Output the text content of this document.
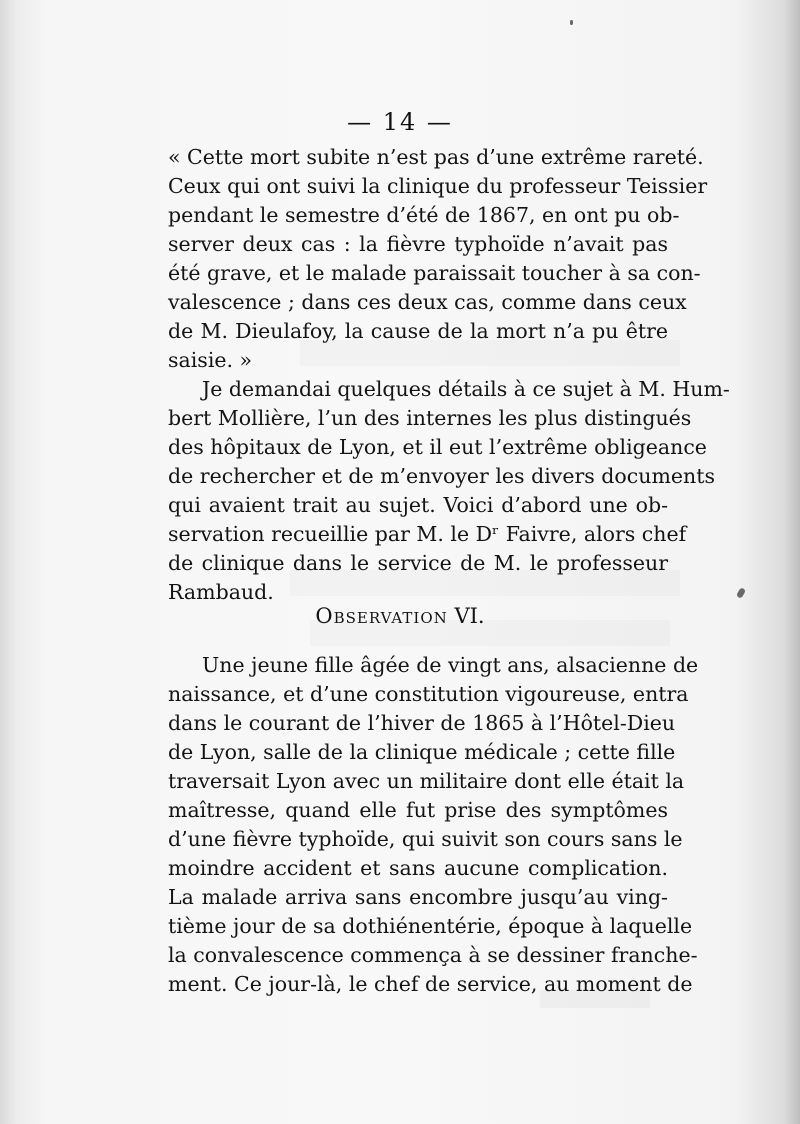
— 14 —
« Cette mort subite n’est pas d’une extrême rareté.
Ceux qui ont suivi la clinique du professeur Teissier
pendant le semestre d’été de 1867, en ont pu ob-
server deux cas : la fièvre typhoïde n’avait pas
été grave, et le malade paraissait toucher à sa con-
valescence ; dans ces deux cas, comme dans ceux
de M. Dieulafoy, la cause de la mort n’a pu être
saisie. »
Je demandai quelques détails à ce sujet à M. Hum-
bert Mollière, l’un des internes les plus distingués
des hôpitaux de Lyon, et il eut l’extrême obligeance
de rechercher et de m’envoyer les divers documents
qui avaient trait au sujet. Voici d’abord une ob-
servation recueillie par M. le Dʳ Faivre, alors chef
de clinique dans le service de M. le professeur
Rambaud.
Observation VI.
Une jeune fille âgée de vingt ans, alsacienne de
naissance, et d’une constitution vigoureuse, entra
dans le courant de l’hiver de 1865 à l’Hôtel-Dieu
de Lyon, salle de la clinique médicale ; cette fille
traversait Lyon avec un militaire dont elle était la
maîtresse, quand elle fut prise des symptômes
d’une fièvre typhoïde, qui suivit son cours sans le
moindre accident et sans aucune complication.
La malade arriva sans encombre jusqu’au ving-
tième jour de sa dothiénentérie, époque à laquelle
la convalescence commença à se dessiner franche-
ment. Ce jour-là, le chef de service, au moment de
